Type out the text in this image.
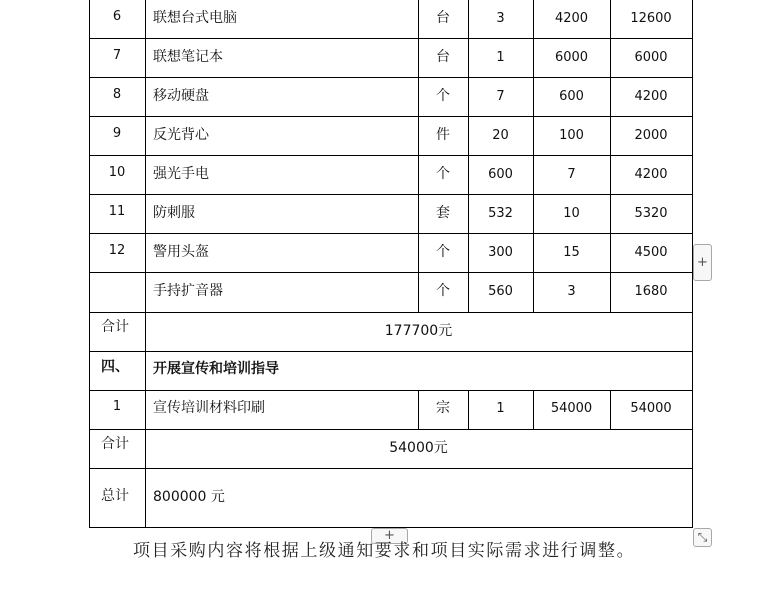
6	联想台式电脑	台	3	4200	12600
7	联想笔记本	台	1	6000	6000
8	移动硬盘	个	7	600	4200
9	反光背心	件	20	100	2000
10	强光手电	个	600	7	4200
11	防刺服	套	532	10	5320
12	警用头盔	个	300	15	4500
手持扩音器	个	560	3	1680
合计	177700元
四、 开展宣传和培训指导
1	宣传培训材料印刷	宗	1	54000	54000
合计	54000元
总计 800000 元
+
+	⤡
项目采购内容将根据上级通知要求和项目实际需求进行调整。
